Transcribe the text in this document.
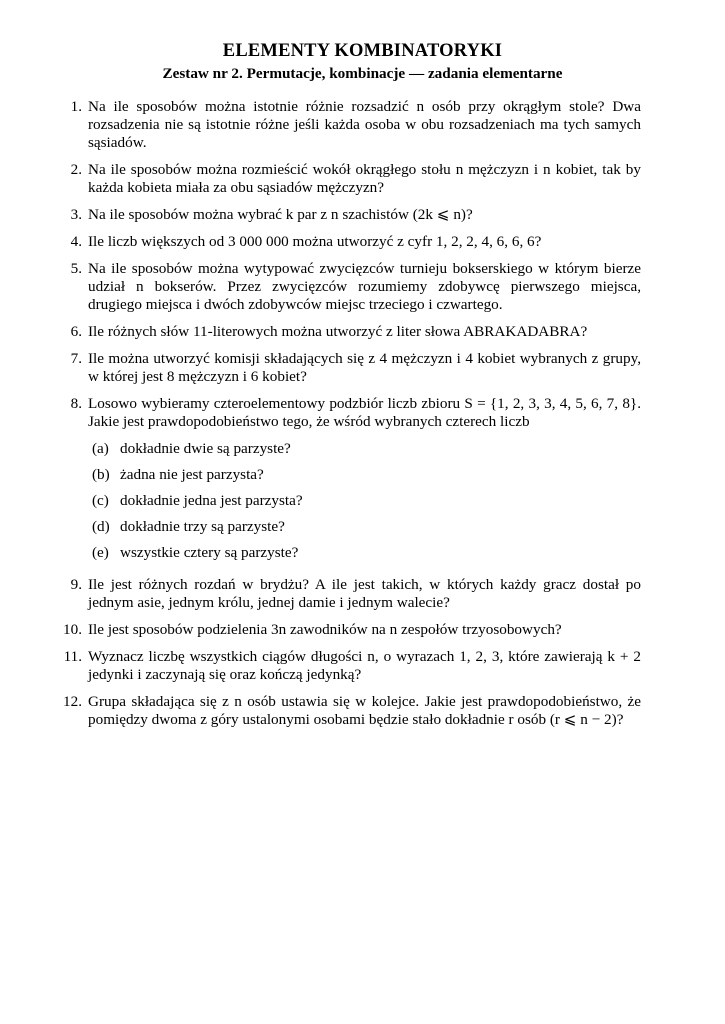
ELEMENTY KOMBINATORYKI
Zestaw nr 2. Permutacje, kombinacje — zadania elementarne
1. Na ile sposobów można istotnie różnie rozsadzić n osób przy okrągłym stole? Dwa rozsadzenia nie są istotnie różne jeśli każda osoba w obu rozsadzeniach ma tych samych sąsiadów.
2. Na ile sposobów można rozmieścić wokół okrągłego stołu n mężczyzn i n kobiet, tak by każda kobieta miała za obu sąsiadów mężczyzn?
3. Na ile sposobów można wybrać k par z n szachistów (2k ⩽ n)?
4. Ile liczb większych od 3 000 000 można utworzyć z cyfr 1, 2, 2, 4, 6, 6, 6?
5. Na ile sposobów można wytypować zwycięzców turnieju bokserskiego w którym bierze udział n bokserów. Przez zwycięzców rozumiemy zdobywcę pierwszego miejsca, drugiego miejsca i dwóch zdobywców miejsc trzeciego i czwartego.
6. Ile różnych słów 11-literowych można utworzyć z liter słowa ABRAKADABRA?
7. Ile można utworzyć komisji składających się z 4 mężczyzn i 4 kobiet wybranych z grupy, w której jest 8 mężczyzn i 6 kobiet?
8. Losowo wybieramy czteroelementowy podzbiór liczb zbioru S = {1, 2, 3, 3, 4, 5, 6, 7, 8}. Jakie jest prawdopodobieństwo tego, że wśród wybranych czterech liczb
(a) dokładnie dwie są parzyste?
(b) żadna nie jest parzysta?
(c) dokładnie jedna jest parzysta?
(d) dokładnie trzy są parzyste?
(e) wszystkie cztery są parzyste?
9. Ile jest różnych rozdań w brydżu? A ile jest takich, w których każdy gracz dostał po jednym asie, jednym królu, jednej damie i jednym walecie?
10. Ile jest sposobów podzielenia 3n zawodników na n zespołów trzyosobowych?
11. Wyznacz liczbę wszystkich ciągów długości n, o wyrazach 1, 2, 3, które zawierają k + 2 jedynki i zaczynają się oraz kończą jedynką?
12. Grupa składająca się z n osób ustawia się w kolejce. Jakie jest prawdopodobieństwo, że pomiędzy dwoma z góry ustalonymi osobami będzie stało dokładnie r osób (r ⩽ n − 2)?
